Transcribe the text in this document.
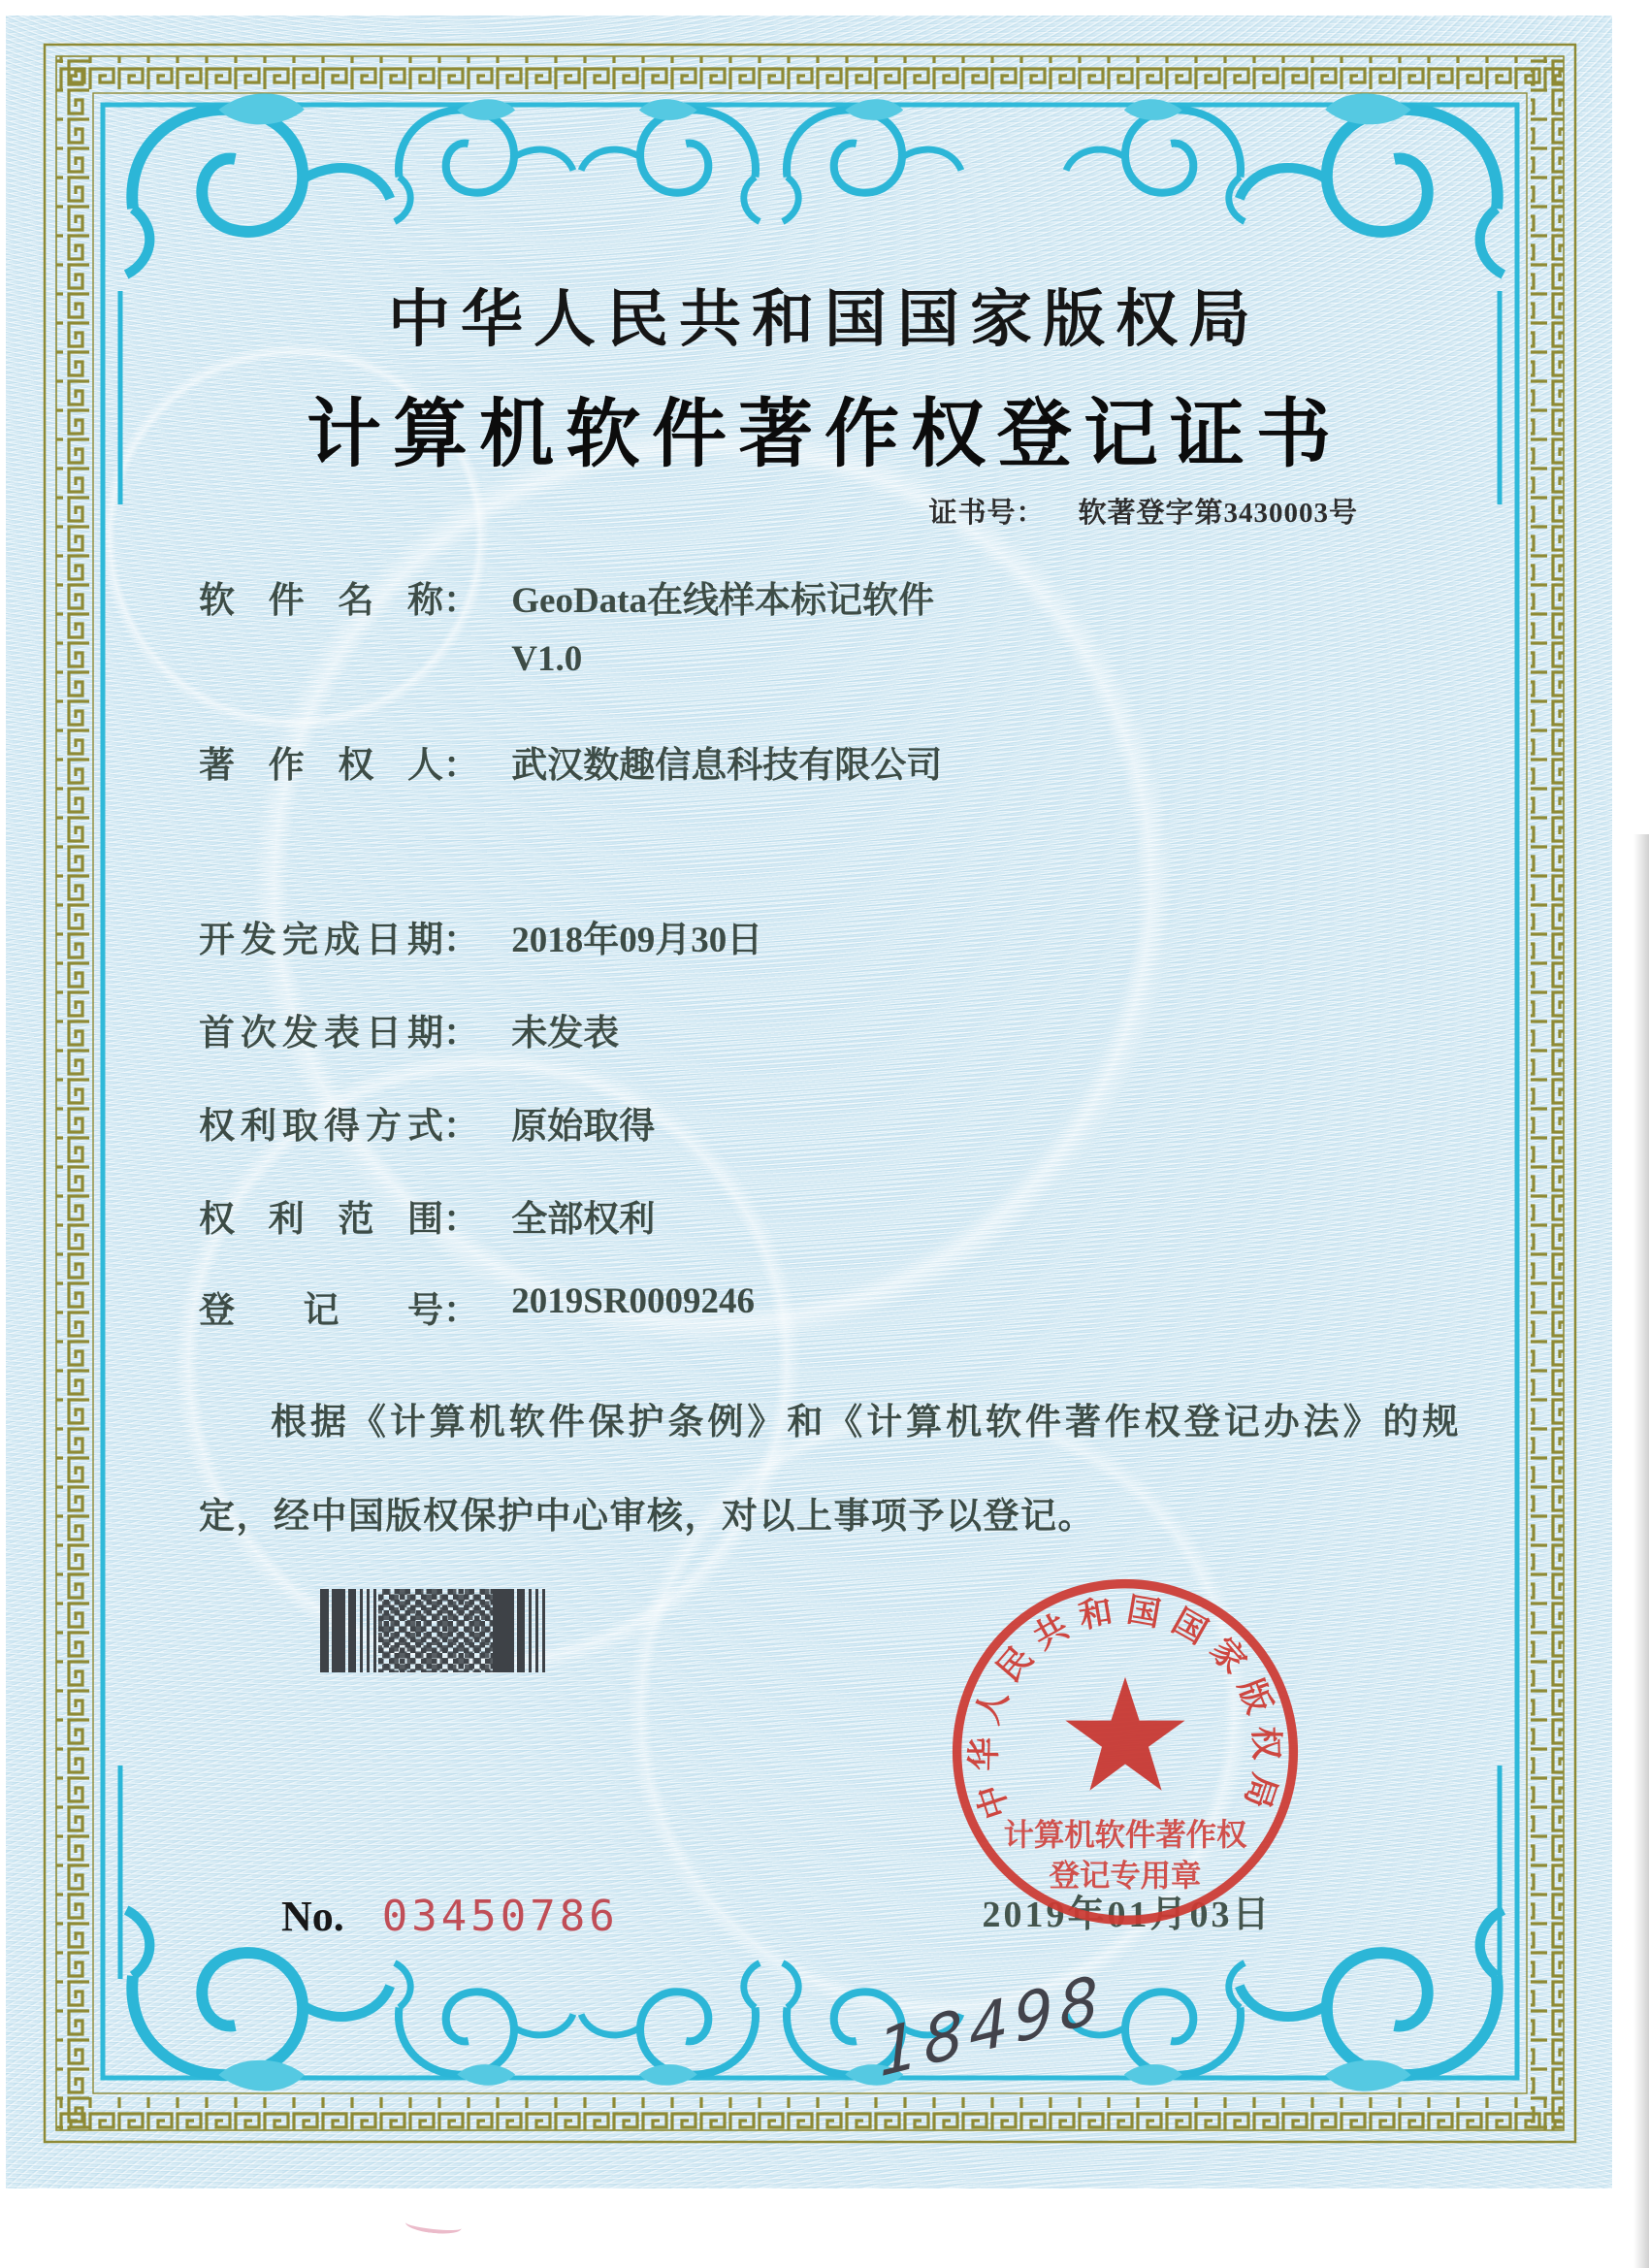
中华人民共和国国家版权局
计算机软件著作权登记证书
证书号： 软著登字第3430003号
软件名称： GeoData在线样本标记软件
V1.0
著作权人： 武汉数趣信息科技有限公司
开发完成日期： 2018年09月30日
首次发表日期： 未发表
权利取得方式： 原始取得
权利范围： 全部权利
登记号： 2019SR0009246

根据《计算机软件保护条例》和《计算机软件著作权登记办法》的规定，经中国版权保护中心审核，对以上事项予以登记。

2019年01月03日
中华人民共和国国家版权局
计算机软件著作权
登记专用章
No. 03450786
18498
